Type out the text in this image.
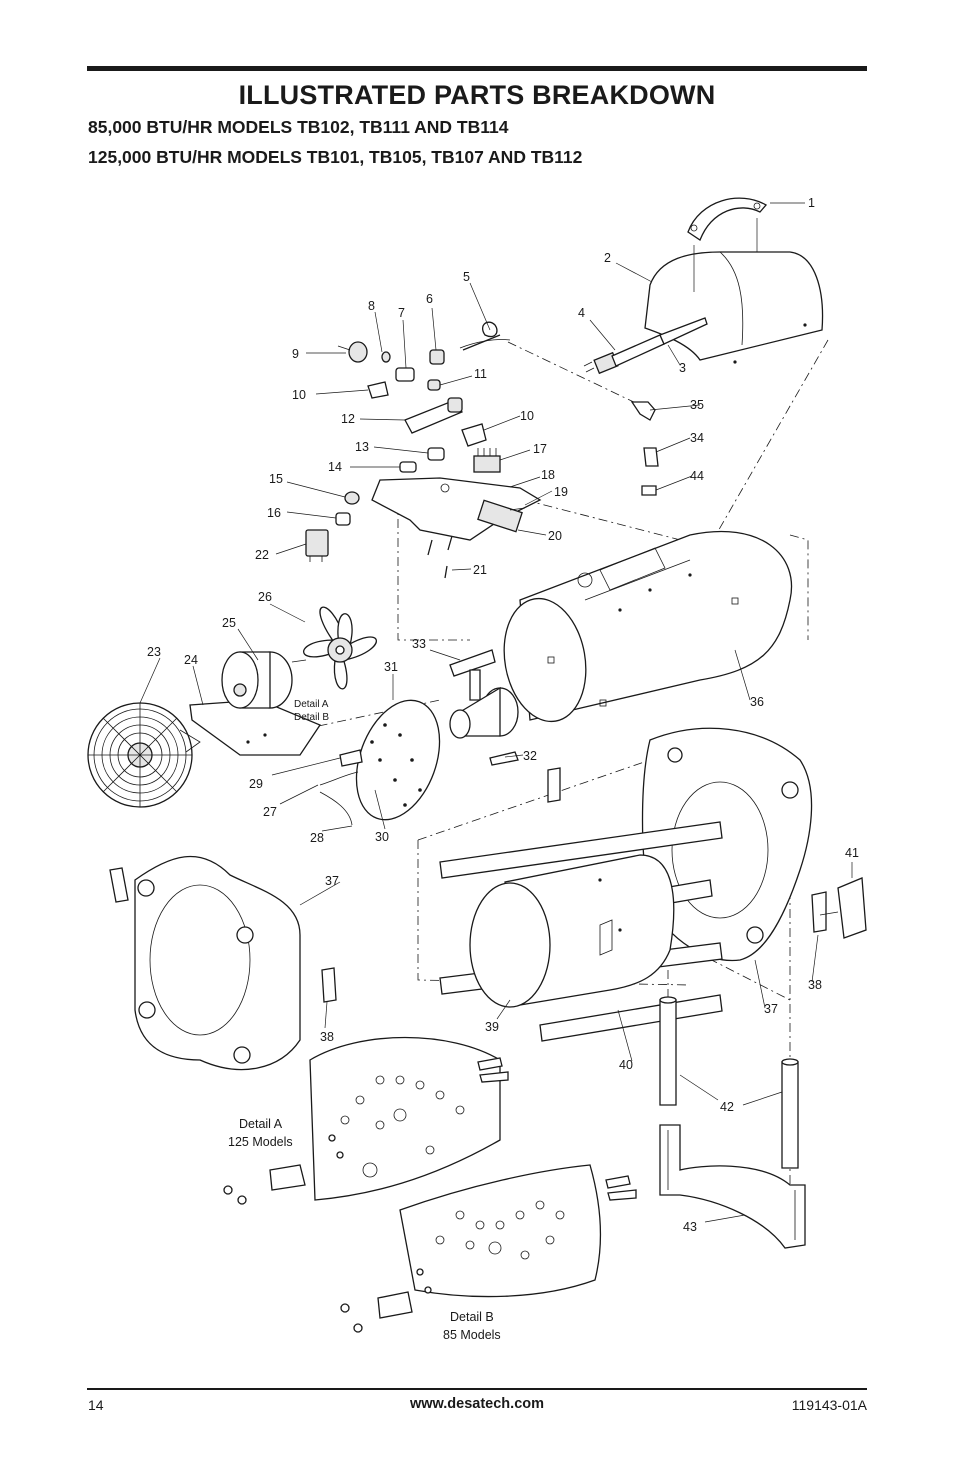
ILLUSTRATED PARTS BREAKDOWN
85,000 BTU/HR MODELS TB102, TB111 AND TB114
125,000 BTU/HR MODELS TB101, TB105, TB107 AND TB112
1
2
3
4
5
6
7
8
9
10
11
12	10
13
14
15
16
17
18
19
20
21
22
23
24
25
26
27
28
29
30
31
32
33
34
35
36
37
37
38
38
39
40
41
42
43
44
Detail A
Detail B
Detail A
125 Models
Detail B
85 Models
14	www.desatech.com	119143-01A
